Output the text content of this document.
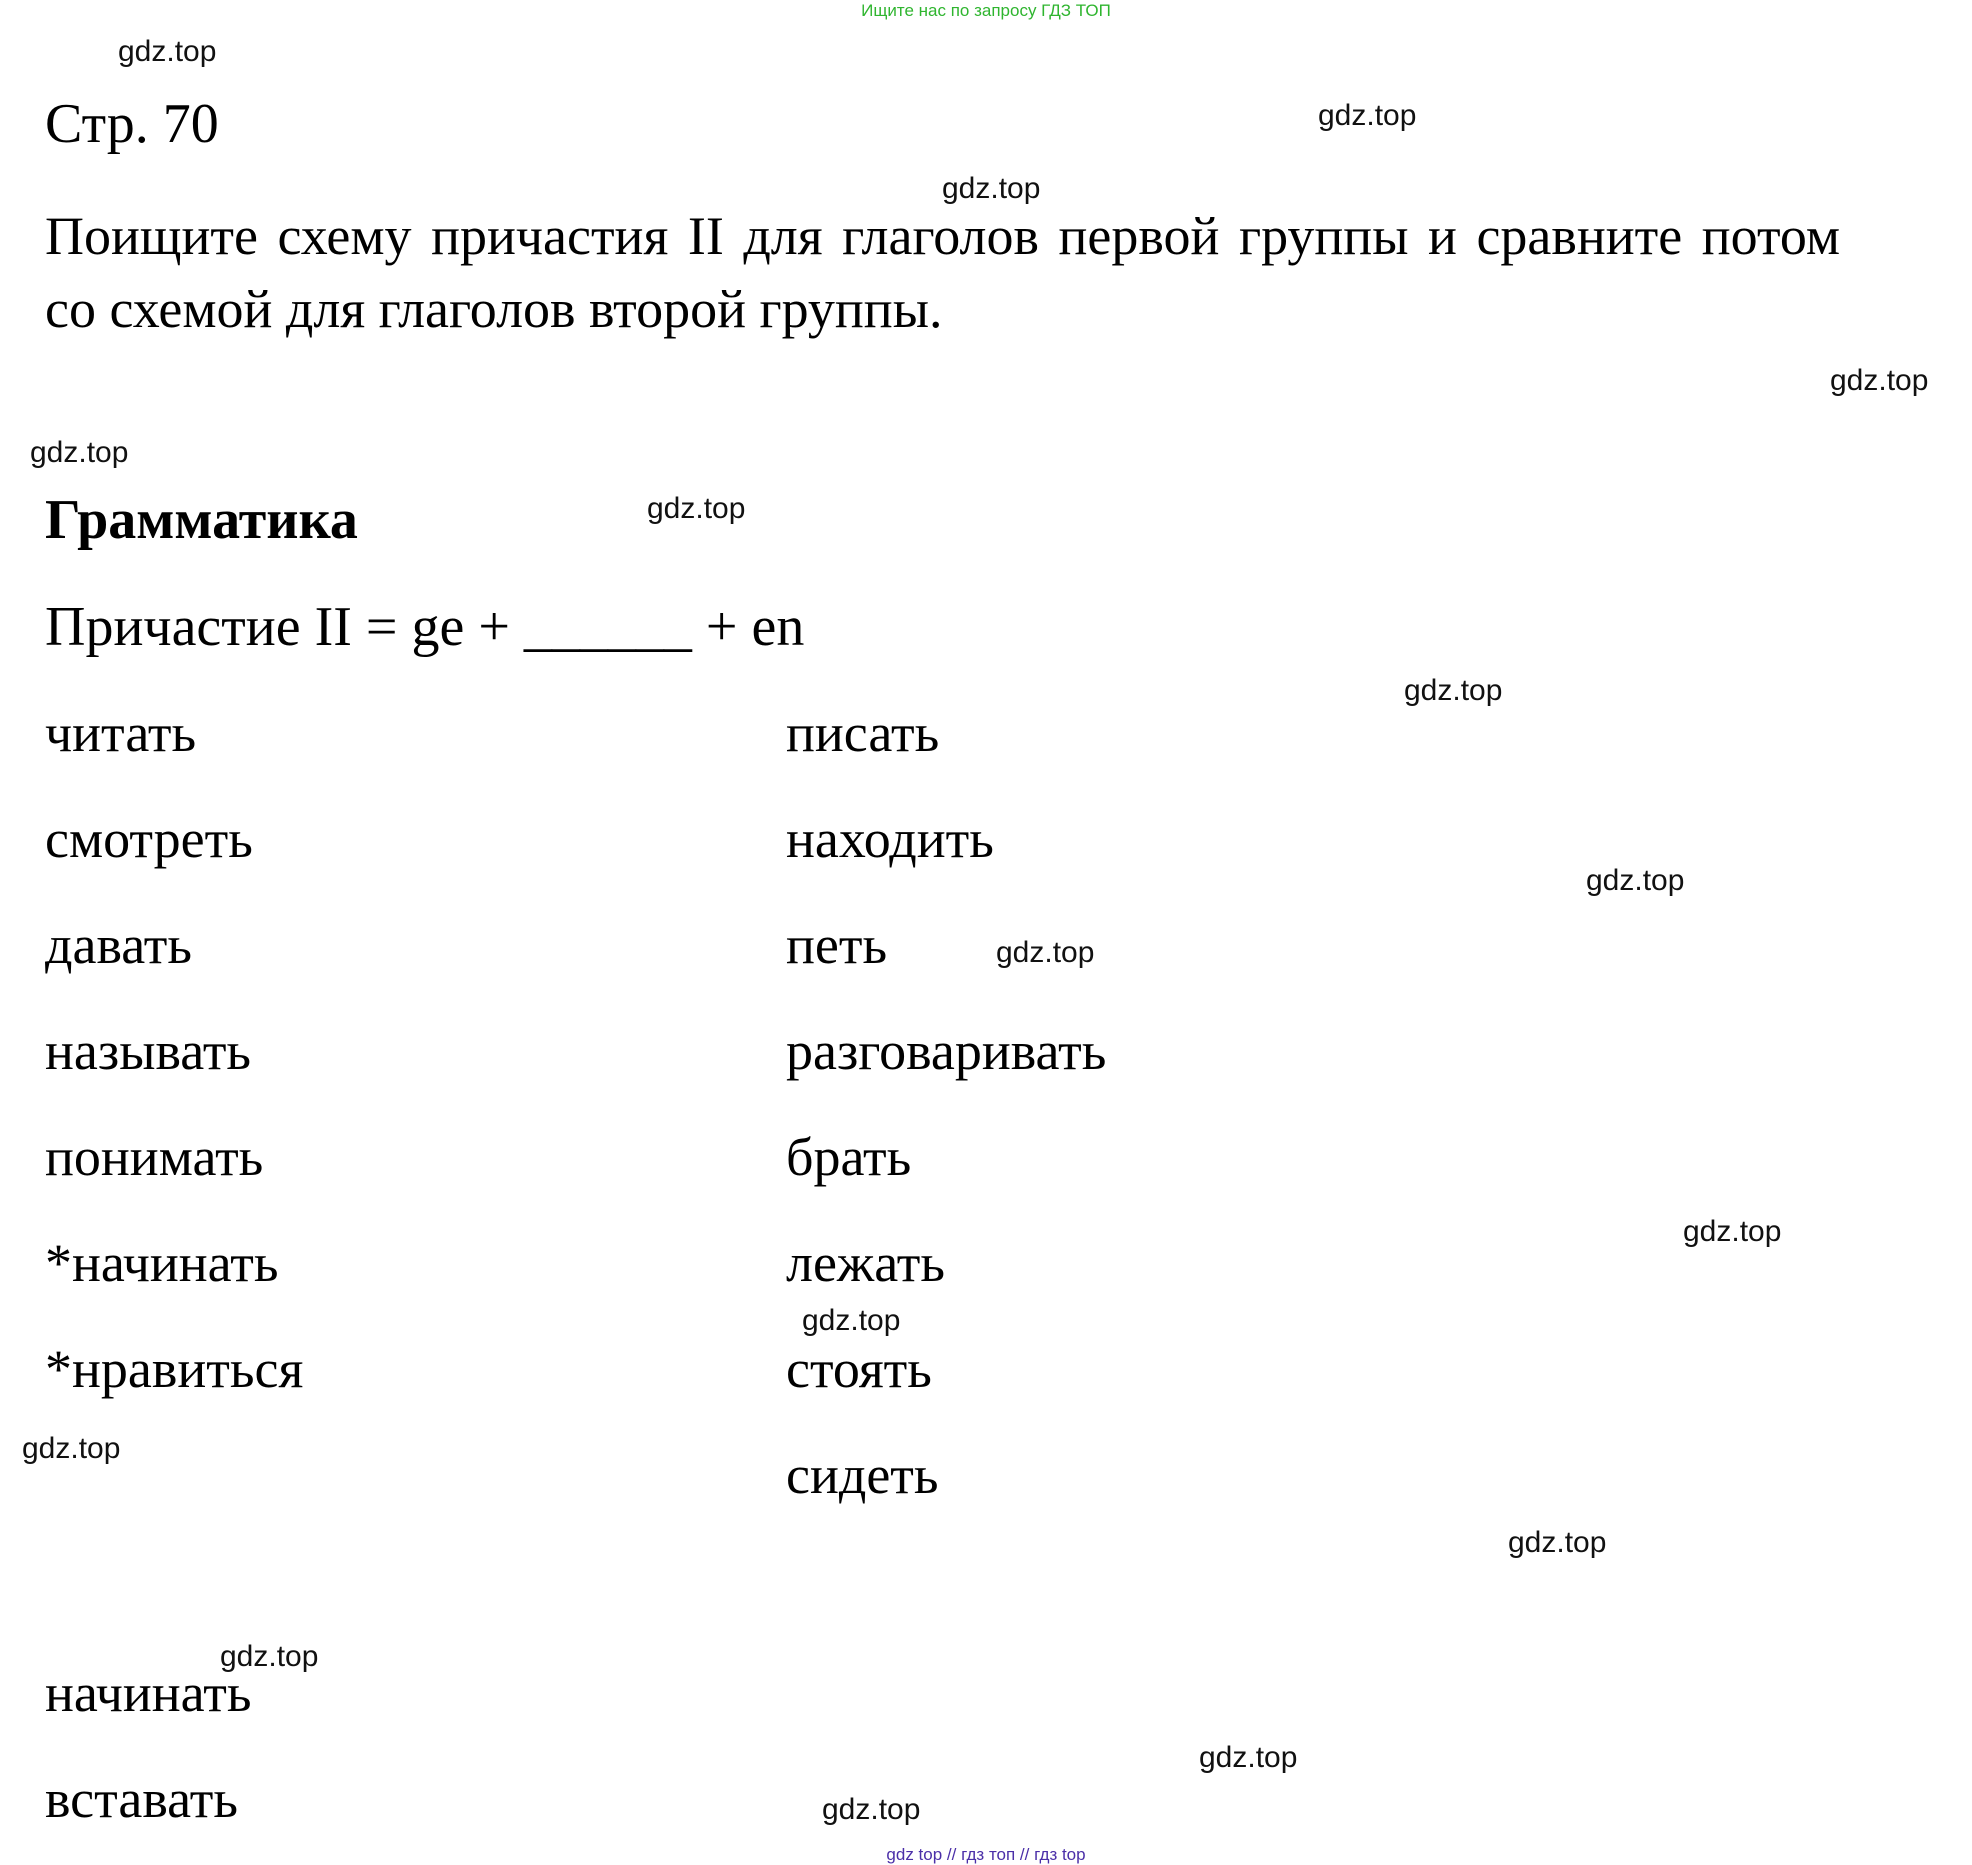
Ищите нас по запросу ГДЗ ТОП
Стр. 70

Поищите схему причастия II для глаголов первой группы и сравните потом со схемой для глаголов второй группы.

Грамматика
Причастие II = ge + ______ + en
читать
смотреть
давать
называть
понимать
*начинать
*нравиться
писать
находить
петь
разговаривать
брать
лежать
стоять
сидеть
начинать
вставать
gdz.top
gdz.top
gdz.top
gdz.top
gdz.top
gdz.top
gdz.top
gdz.top
gdz.top
gdz.top
gdz.top
gdz.top
gdz.top
gdz.top
gdz.top
gdz.top
gdz top // гдз топ // гдз top
